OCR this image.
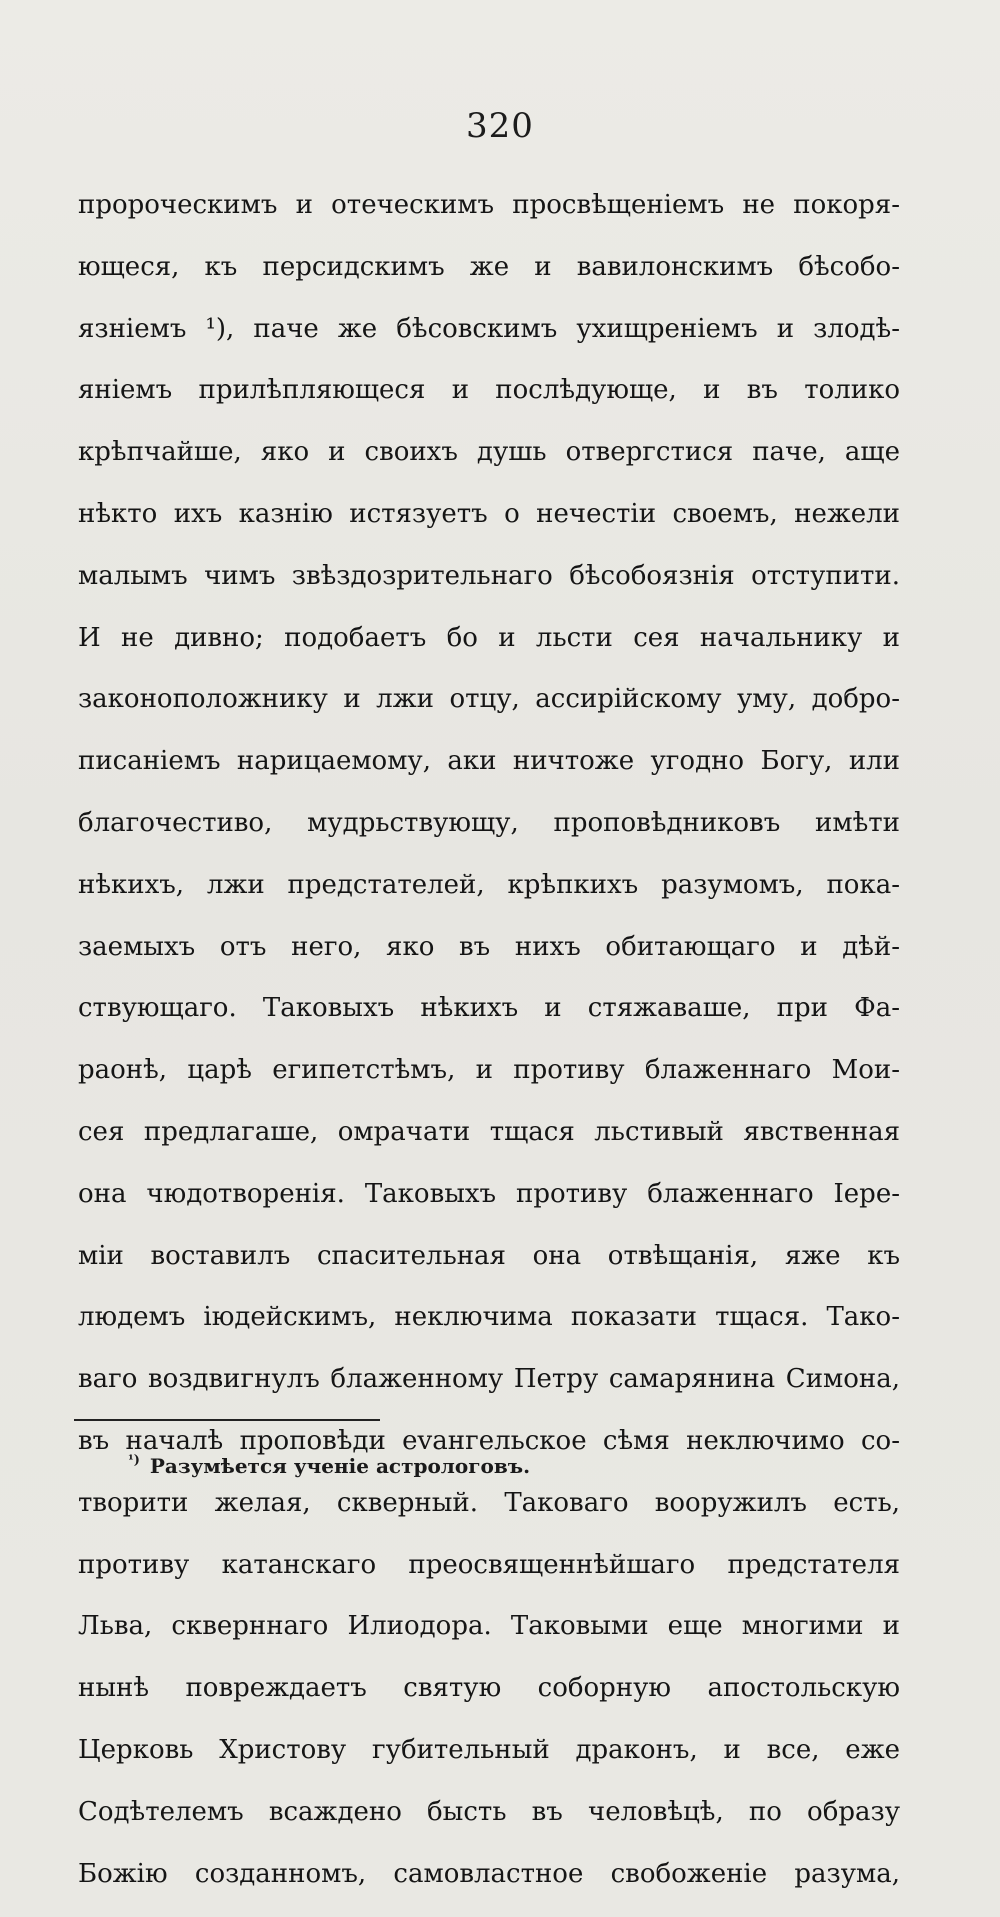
320
пророческимъ и отеческимъ просвѣщеніемъ не покоря-
ющеся, къ персидскимъ же и вавилонскимъ бѣсобо-
язніемъ ¹), паче же бѣсовскимъ ухищреніемъ и злодѣ-
яніемъ прилѣпляющеся и послѣдующе, и въ толико
крѣпчайше, яко и своихъ душь отвергстися паче, аще
нѣкто ихъ казнію истязуетъ о нечестіи своемъ, нежели
малымъ чимъ звѣздозрительнаго бѣсобоязнія отступити.
И не дивно; подобаетъ бо и льсти сея начальнику и
законоположнику и лжи отцу, ассирійскому уму, добро-
писаніемъ нарицаемому, аки ничтоже угодно Богу, или
благочестиво, мудрьствующу, проповѣдниковъ имѣти
нѣкихъ, лжи предстателей, крѣпкихъ разумомъ, пока-
заемыхъ отъ него, яко въ нихъ обитающаго и дѣй-
ствующаго. Таковыхъ нѣкихъ и стяжаваше, при Фа-
раонѣ, царѣ египетстѣмъ, и противу блаженнаго Мои-
сея предлагаше, омрачати тщася льстивый явственная
она чюдотворенія. Таковыхъ противу блаженнаго Іере-
міи воставилъ спасительная она отвѣщанія, яже къ
людемъ іюдейскимъ, неключима показати тщася. Тако-
ваго воздвигнулъ блаженному Петру самарянина Симона,
въ началѣ проповѣди еvангельское сѣмя неключимо со-
творити желая, скверный. Таковаго вооружилъ есть,
противу катанскаго преосвященнѣйшаго предстателя
Льва, скверннаго Илиодора. Таковыми еще многими и
нынѣ повреждаетъ святую соборную апостольскую
Церковь Христову губительный драконъ, и все, еже
Содѣтелемъ всаждено бысть въ человѣцѣ, по образу
Божію созданномъ, самовластное свобоженіе разума,
$^{^1)}$ Разумѣется ученіе астрологовъ.
